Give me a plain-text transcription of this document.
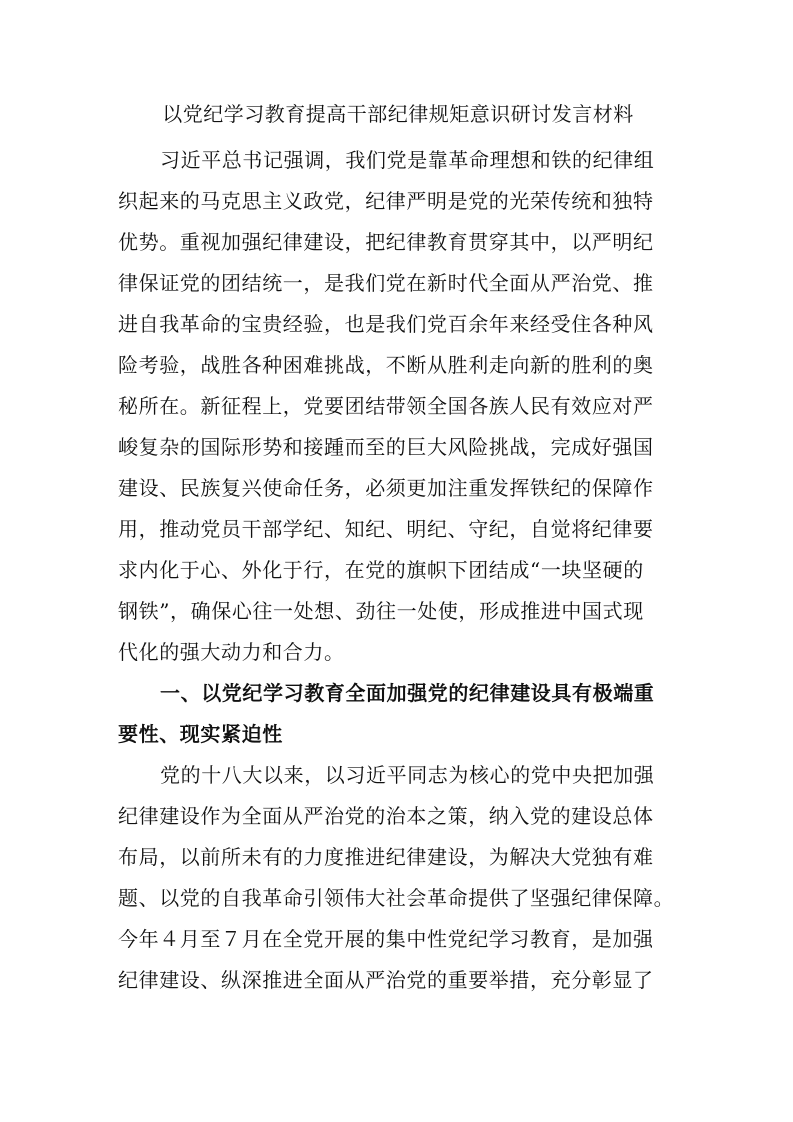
以党纪学习教育提高干部纪律规矩意识研讨发言材料
习近平总书记强调，我们党是靠革命理想和铁的纪律组
织起来的马克思主义政党，纪律严明是党的光荣传统和独特
优势。重视加强纪律建设，把纪律教育贯穿其中，以严明纪
律保证党的团结统一，是我们党在新时代全面从严治党、推
进自我革命的宝贵经验，也是我们党百余年来经受住各种风
险考验，战胜各种困难挑战，不断从胜利走向新的胜利的奥
秘所在。新征程上，党要团结带领全国各族人民有效应对严
峻复杂的国际形势和接踵而至的巨大风险挑战，完成好强国
建设、民族复兴使命任务，必须更加注重发挥铁纪的保障作
用，推动党员干部学纪、知纪、明纪、守纪，自觉将纪律要
求内化于心、外化于行，在党的旗帜下团结成“一块坚硬的
钢铁”，确保心往一处想、劲往一处使，形成推进中国式现
代化的强大动力和合力。
一、以党纪学习教育全面加强党的纪律建设具有极端重
要性、现实紧迫性
党的十八大以来，以习近平同志为核心的党中央把加强
纪律建设作为全面从严治党的治本之策，纳入党的建设总体
布局，以前所未有的力度推进纪律建设，为解决大党独有难
题、以党的自我革命引领伟大社会革命提供了坚强纪律保障。
今年４月至７月在全党开展的集中性党纪学习教育，是加强
纪律建设、纵深推进全面从严治党的重要举措，充分彰显了
